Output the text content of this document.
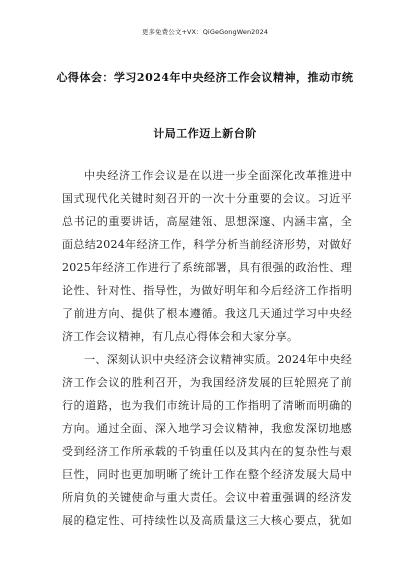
更多免费公文+VX：QiGeGongWen2024
心得体会：学习2024年中央经济工作会议精神，推动市统
计局工作迈上新台阶
中央经济工作会议是在以进一步全面深化改革推进中
国式现代化关键时刻召开的一次十分重要的会议。习近平
总书记的重要讲话，高屋建瓴、思想深邃、内涵丰富，全
面总结2024年经济工作，科学分析当前经济形势，对做好
2025年经济工作进行了系统部署，具有很强的政治性、理
论性、针对性、指导性，为做好明年和今后经济工作指明
了前进方向、提供了根本遵循。我这几天通过学习中央经
济工作会议精神，有几点心得体会和大家分享。
一、深刻认识中央经济会议精神实质。2024年中央经
济工作会议的胜利召开，为我国经济发展的巨轮照亮了前
行的道路，也为我们市统计局的工作指明了清晰而明确的
方向。通过全面、深入地学习会议精神，我愈发深切地感
受到经济工作所承载的千钧重任以及其内在的复杂性与艰
巨性，同时也更加明晰了统计工作在整个经济发展大局中
所肩负的关键使命与重大责任。会议中着重强调的经济发
展的稳定性、可持续性以及高质量这三大核心要点，犹如
